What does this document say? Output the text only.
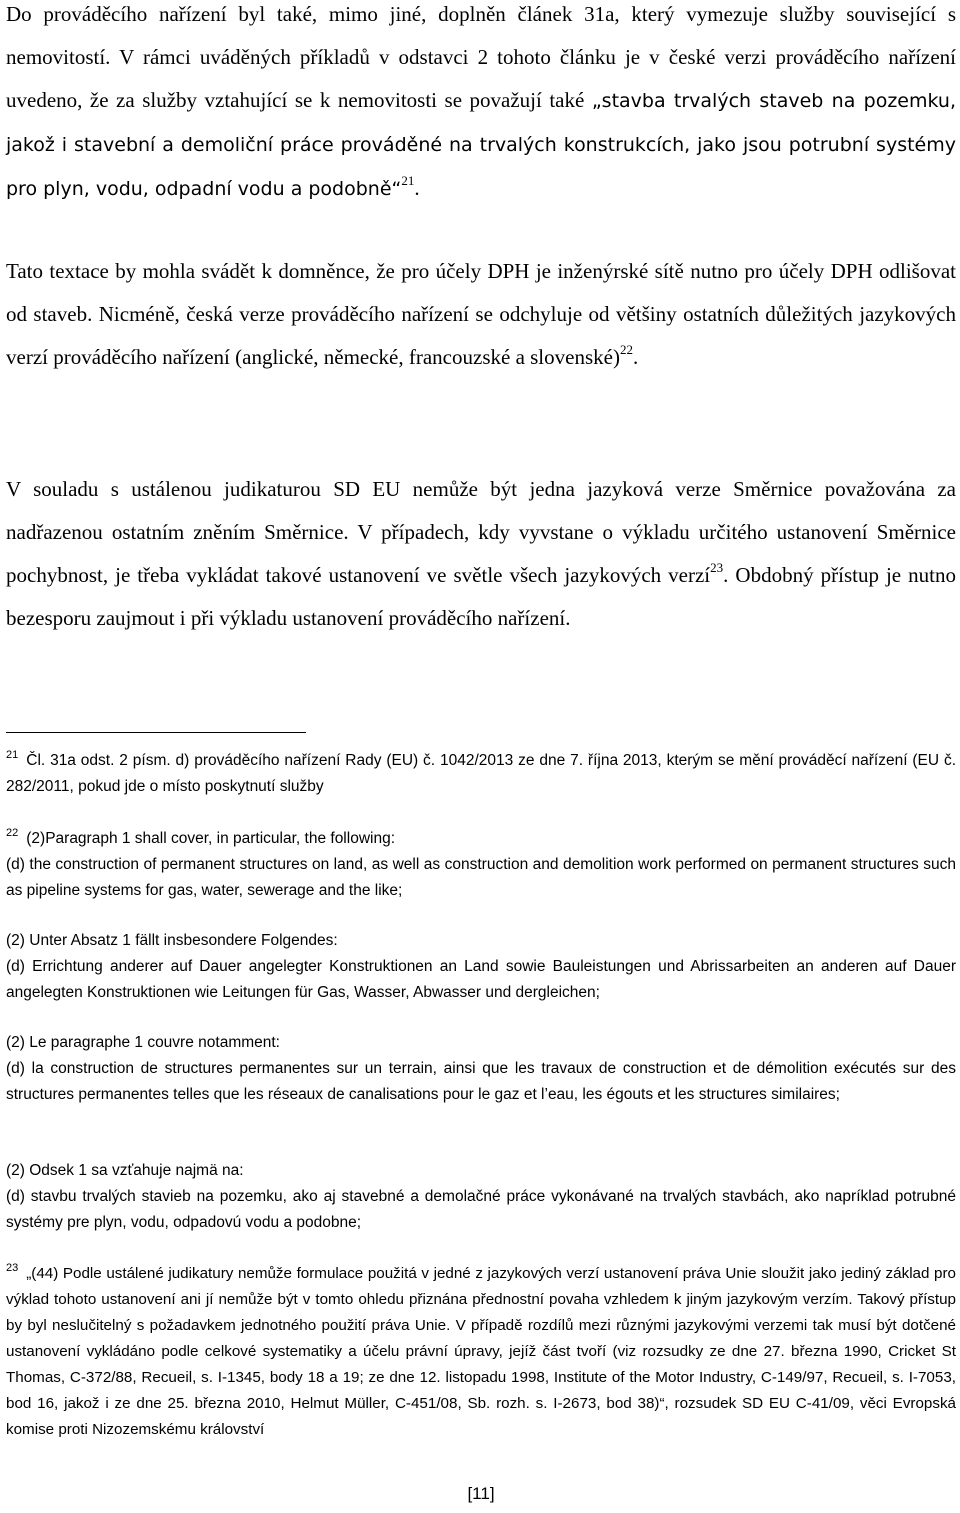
Do prováděcího nařízení byl také, mimo jiné, doplněn článek 31a, který vymezuje služby související s nemovitostí. V rámci uváděných příkladů v odstavci 2 tohoto článku je v české verzi prováděcího nařízení uvedeno, že za služby vztahující se k nemovitosti se považují také „stavba trvalých staveb na pozemku, jakož i stavební a demoliční práce prováděné na trvalých konstrukcích, jako jsou potrubní systémy pro plyn, vodu, odpadní vodu a podobně“$^{21}$.

Tato textace by mohla svádět k domněnce, že pro účely DPH je inženýrské sítě nutno pro účely DPH odlišovat od staveb. Nicméně, česká verze prováděcího nařízení se odchyluje od většiny ostatních důležitých jazykových verzí prováděcího nařízení (anglické, německé, francouzské a slovenské)$^{22}$.

V souladu s ustálenou judikaturou SD EU nemůže být jedna jazyková verze Směrnice považována za nadřazenou ostatním zněním Směrnice. V případech, kdy vyvstane o výkladu určitého ustanovení Směrnice pochybnost, je třeba vykládat takové ustanovení ve světle všech jazykových verzí$^{23}$. Obdobný přístup je nutno bezesporu zaujmout i při výkladu ustanovení prováděcího nařízení.

$^{21}$ Čl. 31a odst. 2 písm. d) prováděcího nařízení Rady (EU) č. 1042/2013 ze dne 7. října 2013, kterým se mění prováděcí nařízení (EU č. 282/2011, pokud jde o místo poskytnutí služby

$^{22}$ (2)Paragraph 1 shall cover, in particular, the following:
(d) the construction of permanent structures on land, as well as construction and demolition work performed on permanent structures such as pipeline systems for gas, water, sewerage and the like;

(2) Unter Absatz 1 fällt insbesondere Folgendes:
(d) Errichtung anderer auf Dauer angelegter Konstruktionen an Land sowie Bauleistungen und Abrissarbeiten an anderen auf Dauer angelegten Konstruktionen wie Leitungen für Gas, Wasser, Abwasser und dergleichen;

(2) Le paragraphe 1 couvre notamment:
(d) la construction de structures permanentes sur un terrain, ainsi que les travaux de construction et de démolition exécutés sur des structures permanentes telles que les réseaux de canalisations pour le gaz et l’eau, les égouts et les structures similaires;

(2) Odsek 1 sa vzťahuje najmä na:
(d) stavbu trvalých stavieb na pozemku, ako aj stavebné a demolačné práce vykonávané na trvalých stavbách, ako napríklad potrubné systémy pre plyn, vodu, odpadovú vodu a podobne;

$^{23}$ „(44) Podle ustálené judikatury nemůže formulace použitá v jedné z jazykových verzí ustanovení práva Unie sloužit jako jediný základ pro výklad tohoto ustanovení ani jí nemůže být v tomto ohledu přiznána přednostní povaha vzhledem k jiným jazykovým verzím. Takový přístup by byl neslučitelný s požadavkem jednotného použití práva Unie. V případě rozdílů mezi různými jazykovými verzemi tak musí být dotčené ustanovení vykládáno podle celkové systematiky a účelu právní úpravy, jejíž část tvoří (viz rozsudky ze dne 27. března 1990, Cricket St Thomas, C-372/88, Recueil, s. I-1345, body 18 a 19; ze dne 12. listopadu 1998, Institute of the Motor Industry, C-149/97, Recueil, s. I-7053, bod 16, jakož i ze dne 25. března 2010, Helmut Müller, C-451/08, Sb. rozh. s. I-2673, bod 38)“, rozsudek SD EU C-41/09, věci Evropská komise proti Nizozemskému království

[11]
